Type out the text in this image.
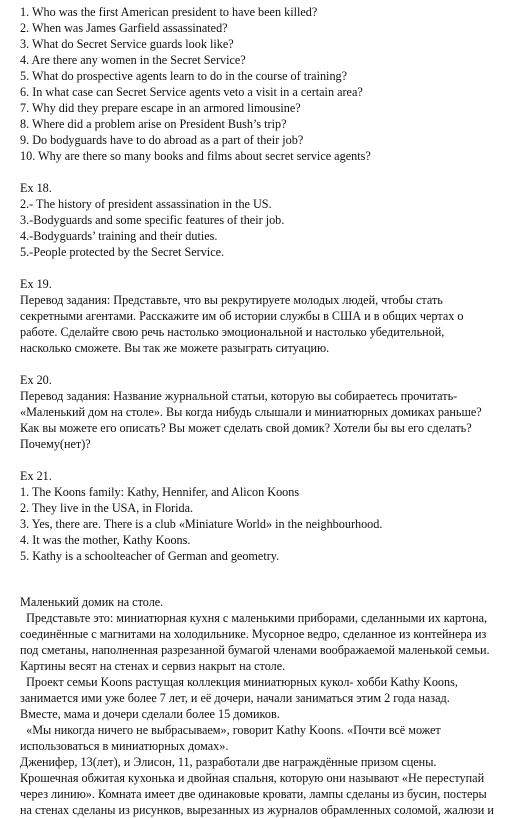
1. Who was the first American president to have been killed?
2. When was James Garfield assassinated?
3. What do Secret Service guards look like?
4. Are there any women in the Secret Service?
5. What do prospective agents learn to do in the course of training?
6. In what case can Secret Service agents veto a visit in a certain area?
7. Why did they prepare escape in an armored limousine?
8. Where did a problem arise on President Bush’s trip?
9. Do bodyguards have to do abroad as a part of their job?
10. Why are there so many books and films about secret service agents?
Ex 18.
2.- The history of president assassination in the US.
3.-Bodyguards and some specific features of their job.
4.-Bodyguards’ training and their duties.
5.-People protected by the Secret Service.
Ex 19.
Перевод задания: Представьте, что вы рекрутируете молодых людей, чтобы стать
секретными агентами. Расскажите им об истории службы в США и в общих чертах о
работе. Сделайте свою речь настолько эмоциональной и настолько убедительной,
насколько сможете. Вы так же можете разыграть ситуацию.
Ex 20.
Перевод задания: Название журнальной статьи, которую вы собираетесь прочитать-
«Маленький дом на столе». Вы когда нибудь слышали и миниатюрных домиках раньше?
Как вы можете его описать? Вы может сделать свой домик? Хотели бы вы его сделать?
Почему(нет)?
Ex 21.
1. The Koons family: Kathy, Hennifer, and Alicon Koons
2. They live in the USA, in Florida.
3. Yes, there are. There is a club «Miniature World» in the neighbourhood.
4. It was the mother, Kathy Koons.
5. Kathy is a schoolteacher of German and geometry.
Маленький домик на столе.
Представьте это: миниатюрная кухня с маленькими приборами, сделанными их картона,
соединённые с магнитами на холодильнике. Мусорное ведро, сделанное из контейнера из
под сметаны, наполненная разрезанной бумагой членами воображаемой маленькой семьи.
Картины весят на стенах и сервиз накрыт на столе.
Проект семьи Koons растущая коллекция миниатюрных кукол- хобби Kathy Koons,
занимается ими уже более 7 лет, и её дочери, начали заниматься этим 2 года назад.
Вместе, мама и дочери сделали более 15 домиков.
«Мы никогда ничего не выбрасываем», говорит Kathy Koons. «Почти всё может
использоваться в миниатюрных домах».
Дженифер, 13(лет), и Элисон, 11, разработали две награждённые призом сцены.
Крошечная обжитая кухонька и двойная спальня, которую они называют «Не переступай
через линию». Комната имеет две одинаковые кровати, лампы сделаны из бусин, постеры
на стенах сделаны из рисунков, вырезанных из журналов обрамленных соломой, жалюзи и
